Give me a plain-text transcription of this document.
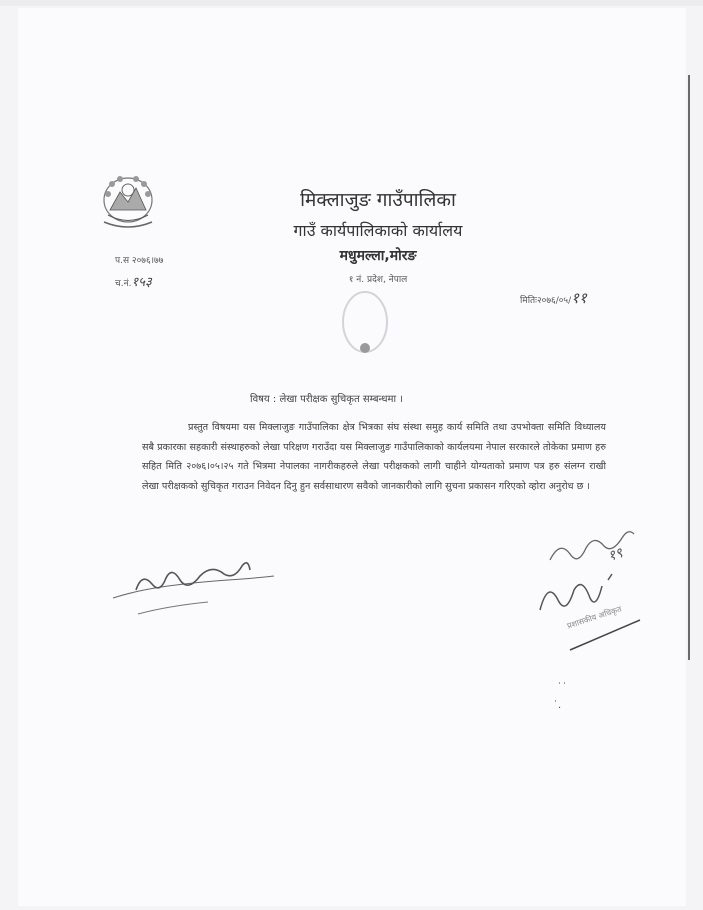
मिक्लाजुङ गाउँपालिका
गाउँ कार्यपालिकाको कार्यालय
मधुमल्ला,मोरङ
१ नं. प्रदेश, नेपाल
प.स २०७६।७७
च.नं.१५३
मितिः२०७६/०५/११
विषय : लेखा परीक्षक सुचिकृत सम्बन्धमा ।
प्रस्तुत विषयमा यस मिक्लाजुङ गाउँपालिका क्षेत्र भित्रका संघ संस्था समुह कार्य समिति तथा उपभोक्ता समिति विध्यालय सबै प्रकारका सहकारी संस्थाहरुको लेखा परिक्षण गराउँदा यस मिक्लाजुङ गाउँपालिकाको कार्यलयमा नेपाल सरकारले तोकेका प्रमाण हरु सहित मिति २०७६।०५।२५ गते भित्रमा नेपालका नागरीकहरुले लेखा परीक्षकको लागी चाहीने योग्यताको प्रमाण पत्र हरु संलग्न राखी लेखा परीक्षकको सुचिकृत गराउन निवेदन दिनु हुन सर्वसाधारण सवैको जानकारीको लागि सुचना प्रकासन गरिएको व्होरा अनुरोध छ ।
१९
प्रशासकीय अधिकृत
˙˙
˙.
